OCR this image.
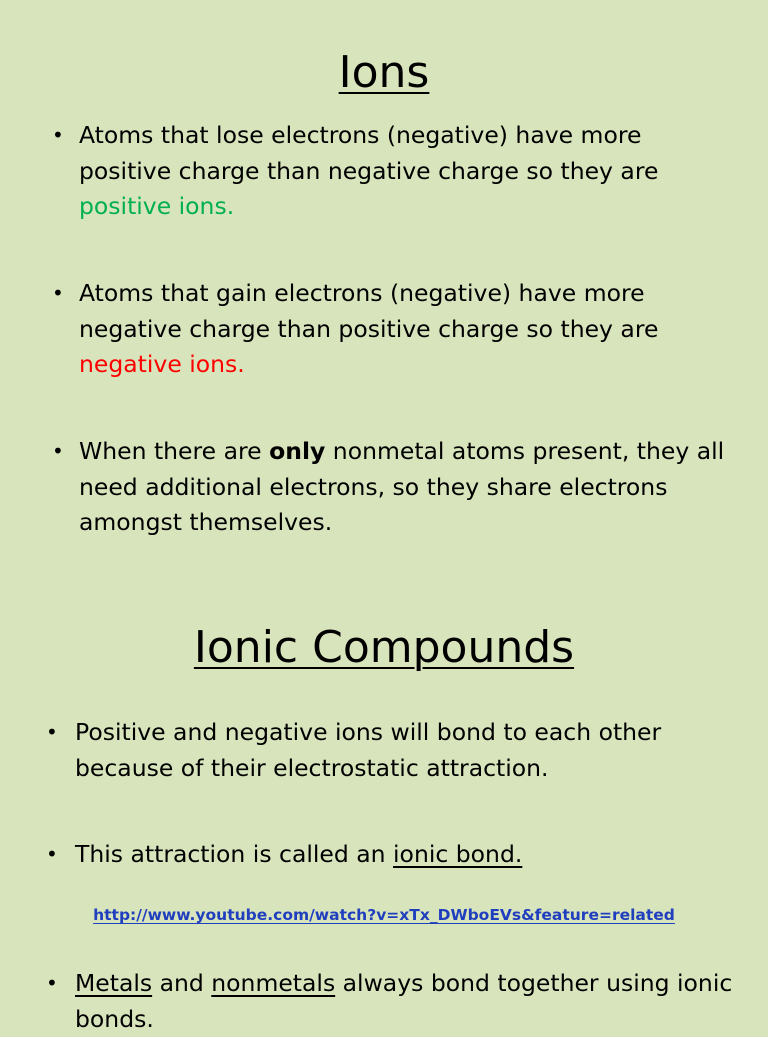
Ions
• Atoms that lose electrons (negative) have more positive charge than negative charge so they are positive ions.
• Atoms that gain electrons (negative) have more negative charge than positive charge so they are negative ions.
• When there are only nonmetal atoms present, they all need additional electrons, so they share electrons amongst themselves.
Ionic Compounds
• Positive and negative ions will bond to each other because of their electrostatic attraction.
• This attraction is called an ionic bond.
http://www.youtube.com/watch?v=xTx_DWboEVs&feature=related
• Metals and nonmetals always bond together using ionic bonds.
